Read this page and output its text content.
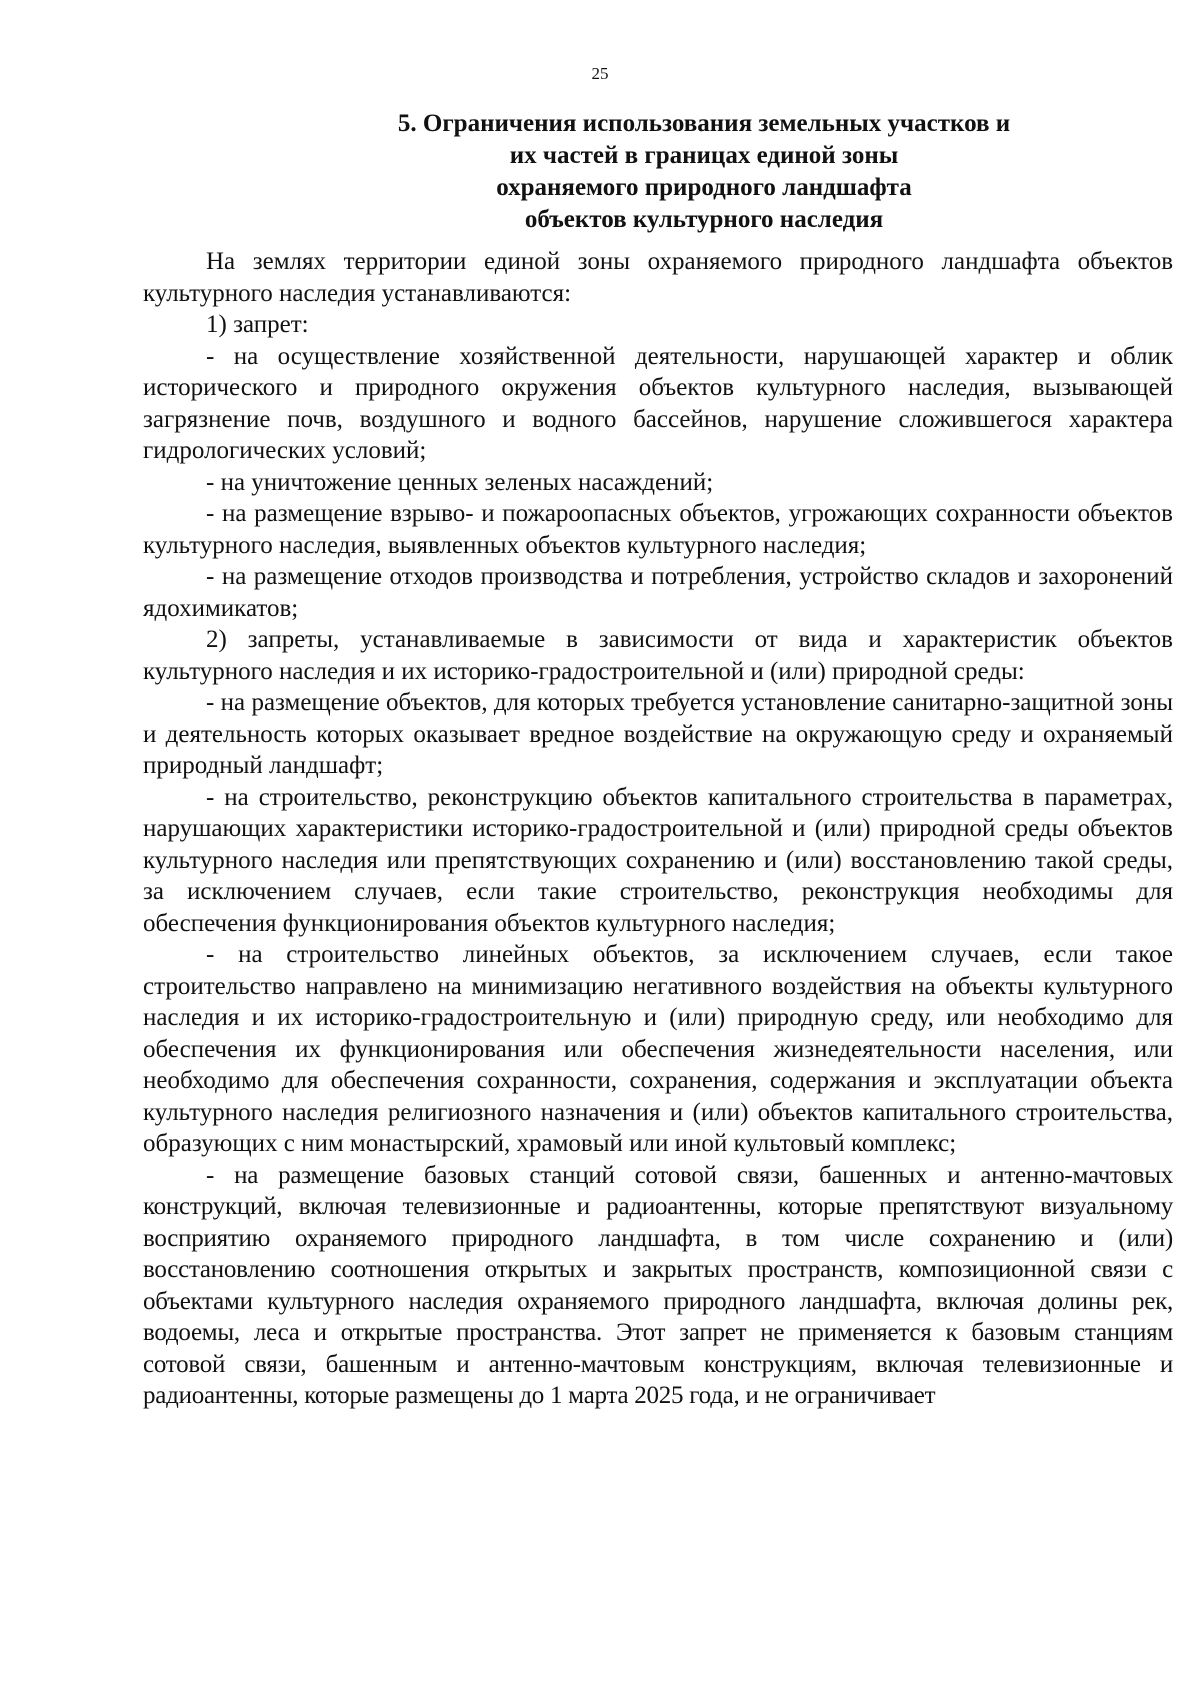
25
5. Ограничения использования земельных участков и
их частей в границах единой зоны
охраняемого природного ландшафта
объектов культурного наследия

На землях территории единой зоны охраняемого природного ландшафта объектов культурного наследия устанавливаются:

1) запрет:

- на осуществление хозяйственной деятельности, нарушающей характер и облик исторического и природного окружения объектов культурного наследия, вызывающей загрязнение почв, воздушного и водного бассейнов, нарушение сложившегося характера гидрологических условий;

- на уничтожение ценных зеленых насаждений;

- на размещение взрыво- и пожароопасных объектов, угрожающих сохранности объектов культурного наследия, выявленных объектов культурного наследия;

- на размещение отходов производства и потребления, устройство складов и захоронений ядохимикатов;

2) запреты, устанавливаемые в зависимости от вида и характеристик объектов культурного наследия и их историко-градостроительной и (или) природной среды:

- на размещение объектов, для которых требуется установление санитарно-защитной зоны и деятельность которых оказывает вредное воздействие на окружающую среду и охраняемый природный ландшафт;

- на строительство, реконструкцию объектов капитального строительства в параметрах, нарушающих характеристики историко-градостроительной и (или) природной среды объектов культурного наследия или препятствующих сохранению и (или) восстановлению такой среды, за исключением случаев, если такие строительство, реконструкция необходимы для обеспечения функционирования объектов культурного наследия;

- на строительство линейных объектов, за исключением случаев, если такое строительство направлено на минимизацию негативного воздействия на объекты культурного наследия и их историко-градостроительную и (или) природную среду, или необходимо для обеспечения их функционирования или обеспечения жизнедеятельности населения, или необходимо для обеспечения сохранности, сохранения, содержания и эксплуатации объекта культурного наследия религиозного назначения и (или) объектов капитального строительства, образующих с ним монастырский, храмовый или иной культовый комплекс;

- на размещение базовых станций сотовой связи, башенных и антенно-мачтовых конструкций, включая телевизионные и радиоантенны, которые препятствуют визуальному восприятию охраняемого природного ландшафта, в том числе сохранению и (или) восстановлению соотношения открытых и закрытых пространств, композиционной связи с объектами культурного наследия охраняемого природного ландшафта, включая долины рек, водоемы, леса и открытые пространства. Этот запрет не применяется к базовым станциям сотовой связи, башенным и антенно-мачтовым конструкциям, включая телевизионные и радиоантенны, которые размещены до 1 марта 2025 года, и не ограничивает
